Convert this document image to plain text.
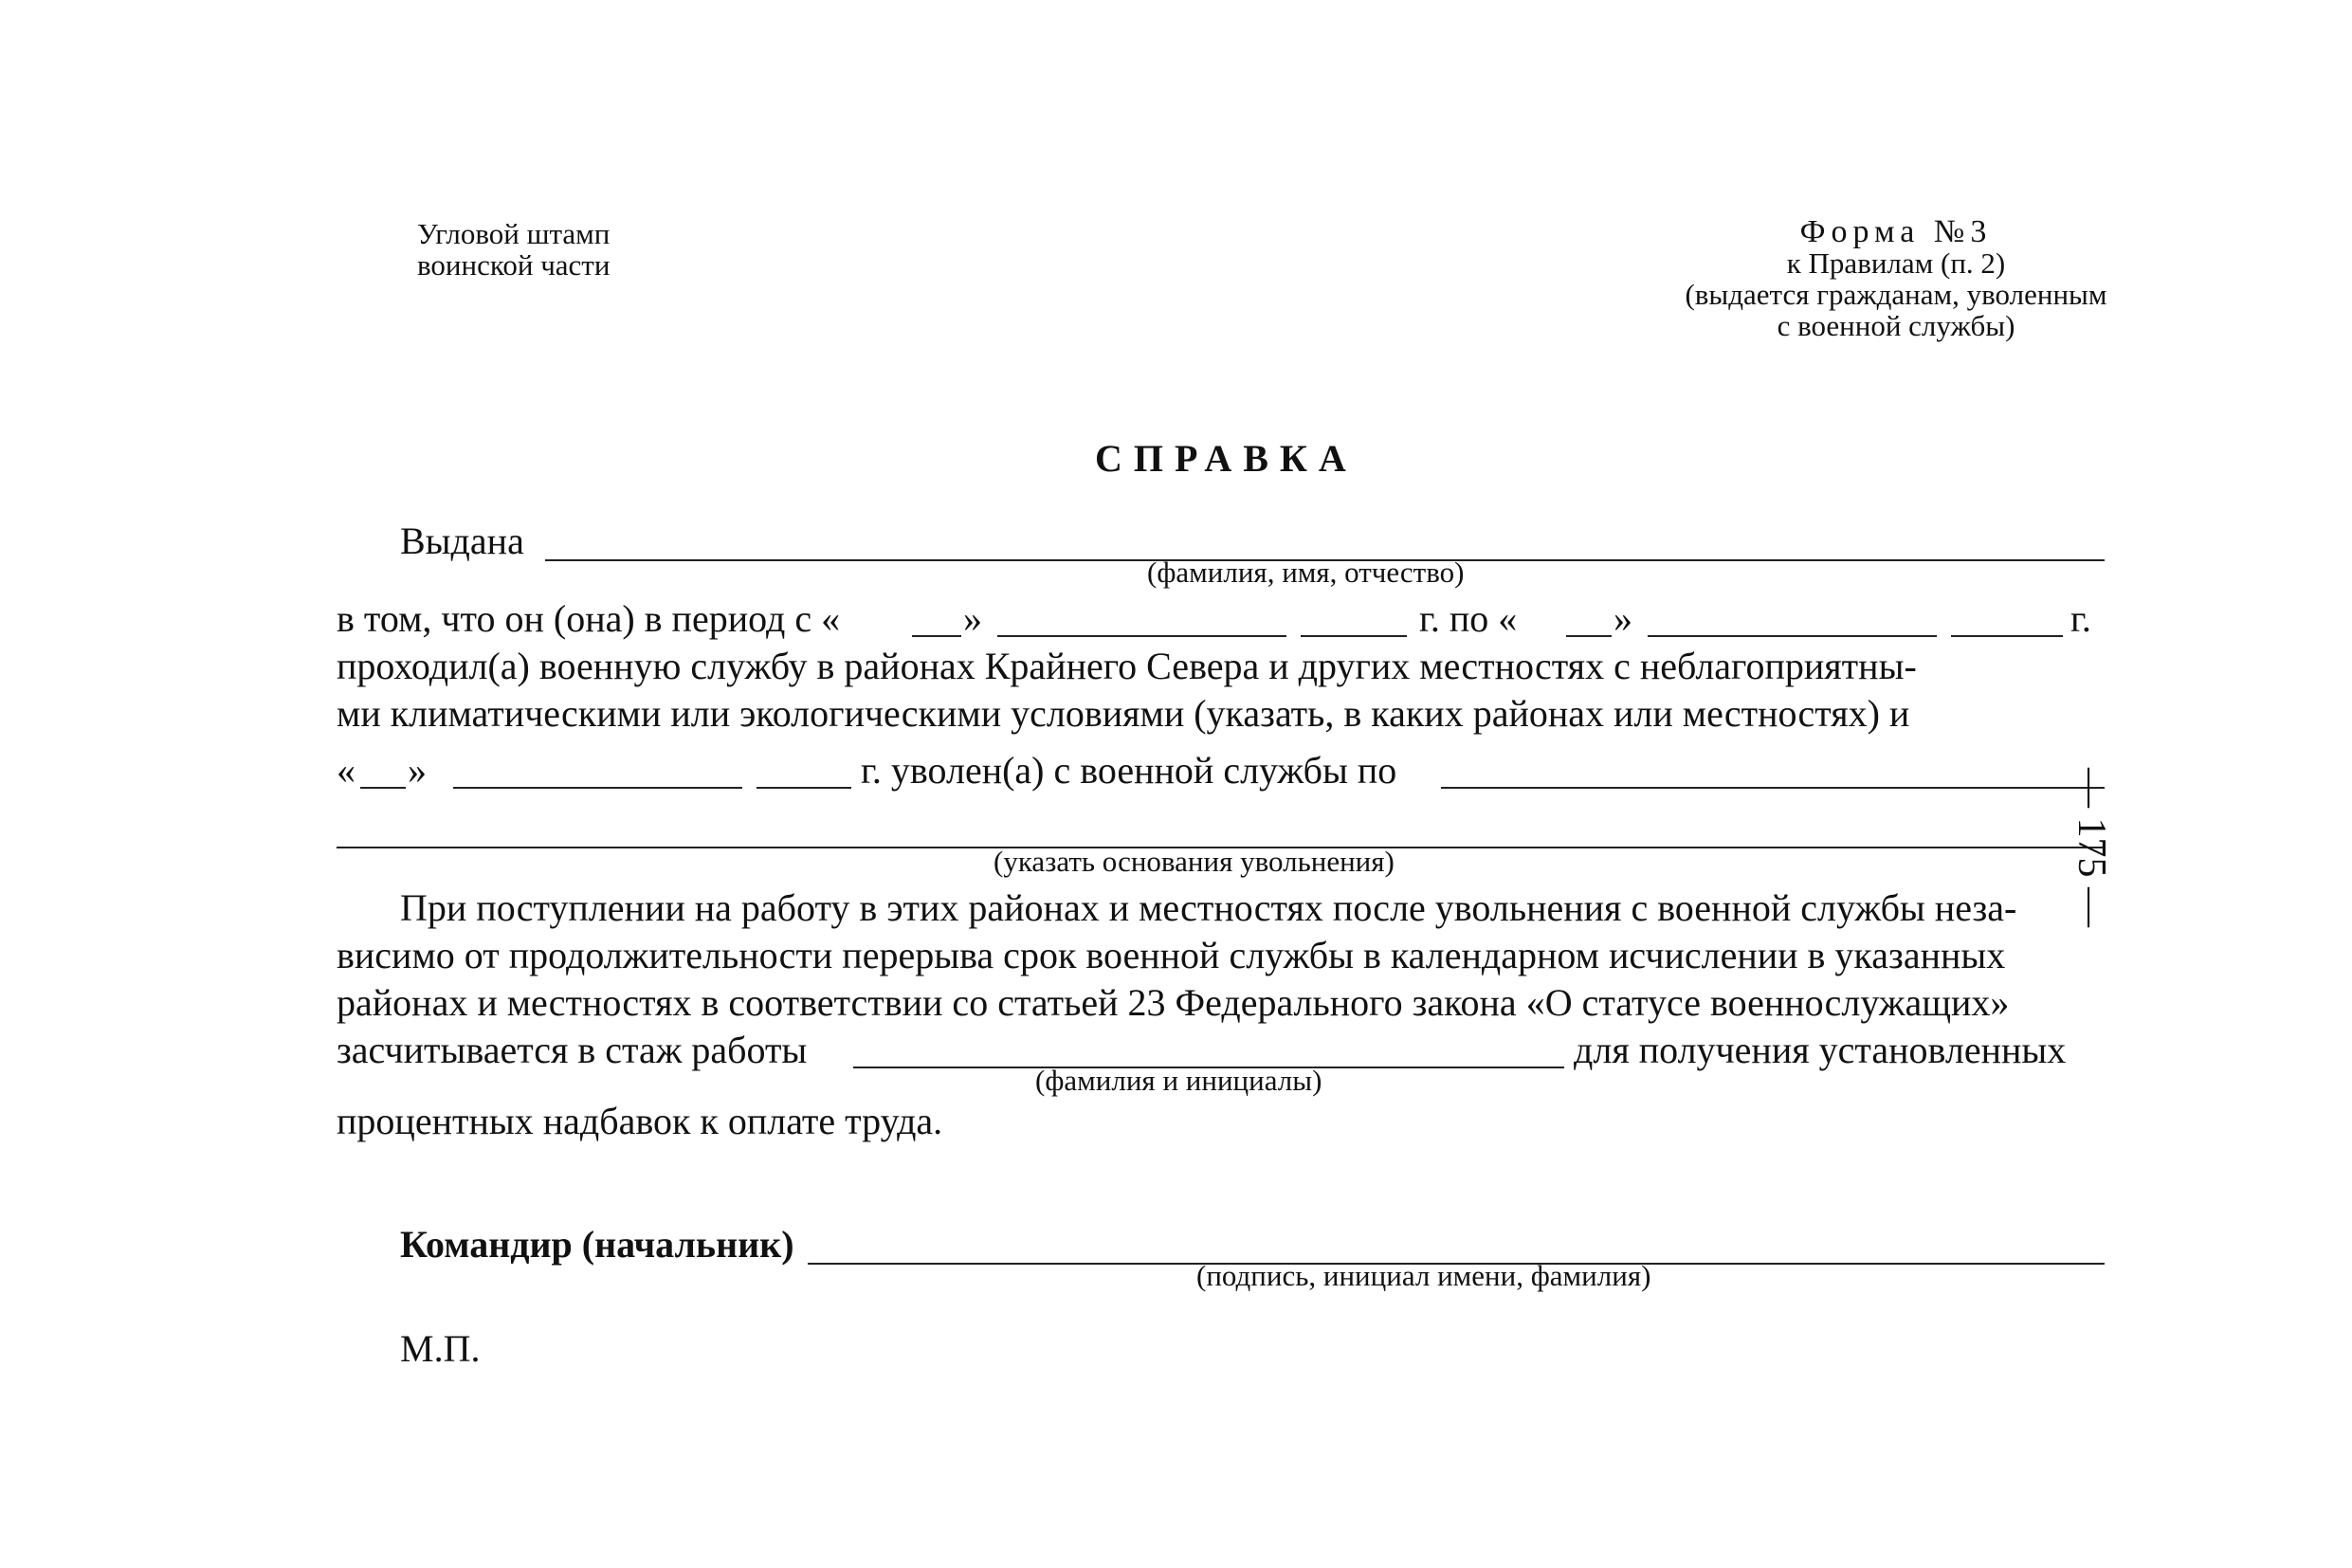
Угловой штамп
воинской части
Форма №3
к Правилам (п. 2)
(выдается гражданам, уволенным
с военной службы)
СПРАВКА
Выдана
(фамилия, имя, отчество)
в том, что он (она) в период с «	»	г. по «	»	г.
проходил(а) военную службу в районах Крайнего Севера и других местностях с неблагоприятны-
ми климатическими или экологическими условиями (указать, в каких районах или местностях) и
« »	г. уволен(а) с военной службы по
(указать основания увольнения)
При поступлении на работу в этих районах и местностях после увольнения с военной службы неза-
висимо от продолжительности перерыва срок военной службы в календарном исчислении в указанных
районах и местностях в соответствии со статьей 23 Федерального закона «О статусе военнослужащих»
засчитывается в стаж работы	для получения установленных
(фамилия и инициалы)
процентных надбавок к оплате труда.
Командир (начальник)
(подпись, инициал имени, фамилия)
М.П.
— 175 —
